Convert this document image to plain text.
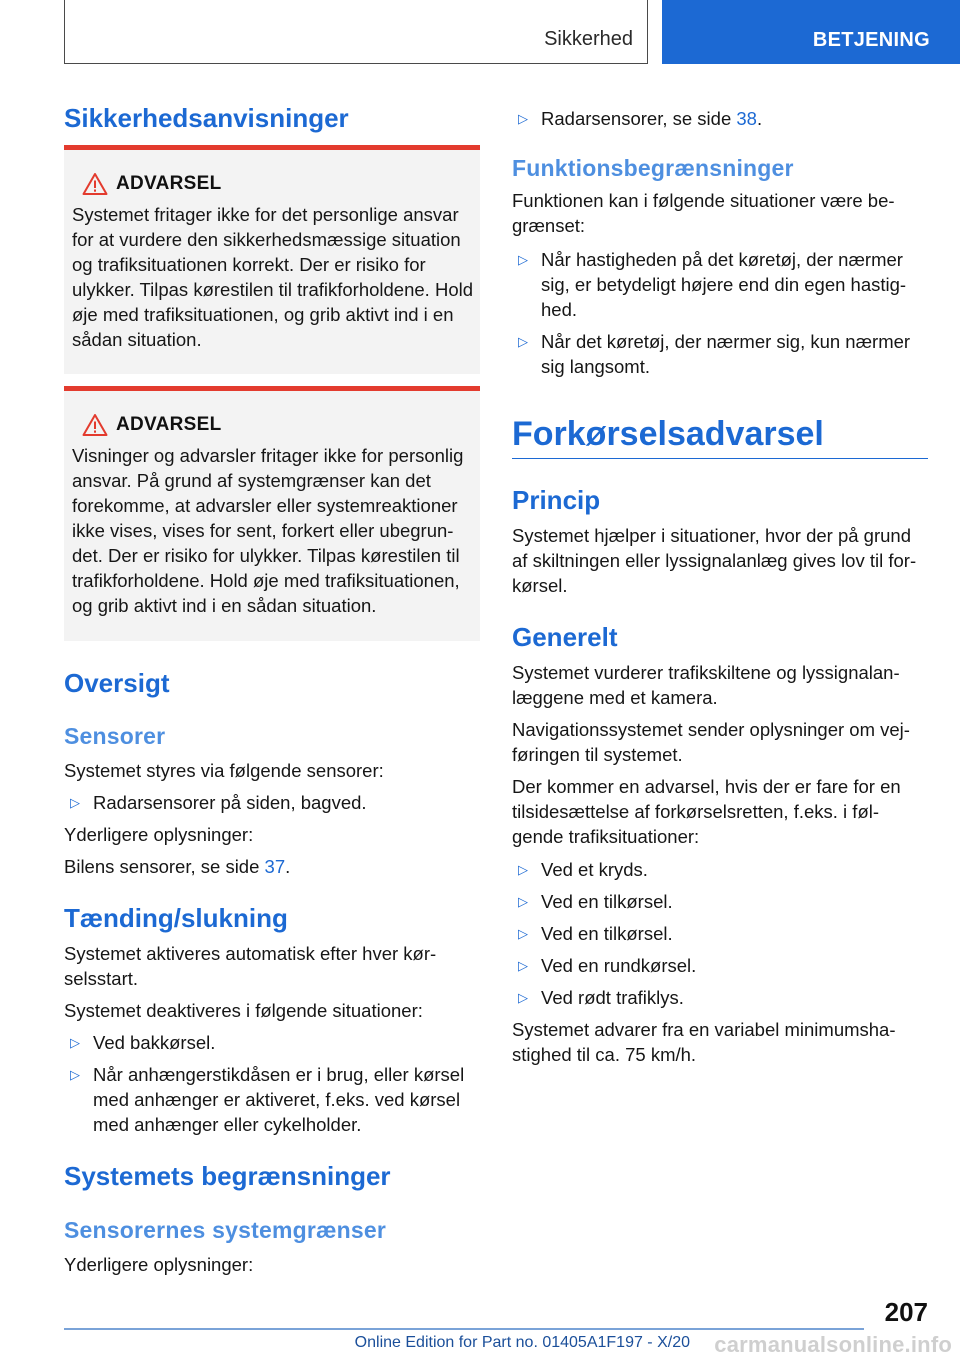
Sikkerhed	BETJENING
Sikkerhedsanvisninger
ADVARSEL

Systemet fritager ikke for det personlige ansvar for at vurdere den sikkerhedsmæssige situation og trafiksituationen korrekt. Der er risiko for ulykker. Tilpas kørestilen til trafikforholdene. Hold øje med trafiksituationen, og grib aktivt ind i en sådan situation.

ADVARSEL

Visninger og advarsler fritager ikke for personlig ansvar. På grund af systemgrænser kan det forekomme, at advarsler eller systemreaktioner ikke vises, vises for sent, forkert eller ubegrun-det. Der er risiko for ulykker. Tilpas kørestilen til trafikforholdene. Hold øje med trafiksituationen, og grib aktivt ind i en sådan situation.

Oversigt
Sensorer

Systemet styres via følgende sensorer:

▷ Radarsensorer på siden, bagved.

Yderligere oplysninger:

Bilens sensorer, se side 37.

Tænding/slukning

Systemet aktiveres automatisk efter hver kør-selsstart.

Systemet deaktiveres i følgende situationer:

▷ Ved bakkørsel.
▷ Når anhængerstikdåsen er i brug, eller kørsel med anhænger er aktiveret, f.eks. ved kørsel med anhænger eller cykelholder.
Systemets begrænsninger
Sensorernes systemgrænser

Yderligere oplysninger:

▷ Radarsensorer, se side 38.
Funktionsbegrænsninger

Funktionen kan i følgende situationer være be-grænset:

▷ Når hastigheden på det køretøj, der nærmer sig, er betydeligt højere end din egen hastig-hed.
▷ Når det køretøj, der nærmer sig, kun nærmer sig langsomt.
Forkørselsadvarsel
Princip

Systemet hjælper i situationer, hvor der på grund af skiltningen eller lyssignalanlæg gives lov til for-kørsel.

Generelt

Systemet vurderer trafikskiltene og lyssignalan-læggene med et kamera.

Navigationssystemet sender oplysninger om vej-føringen til systemet.

Der kommer en advarsel, hvis der er fare for en tilsidesættelse af forkørselsretten, f.eks. i føl-gende trafiksituationer:

▷ Ved et kryds.
▷ Ved en tilkørsel.
▷ Ved en tilkørsel.
▷ Ved en rundkørsel.
▷ Ved rødt trafiklys.

Systemet advarer fra en variabel minimumsha-stighed til ca. 75 km/h.

207
Online Edition for Part no. 01405A1F197 - X/20 carmanualsonline.info
